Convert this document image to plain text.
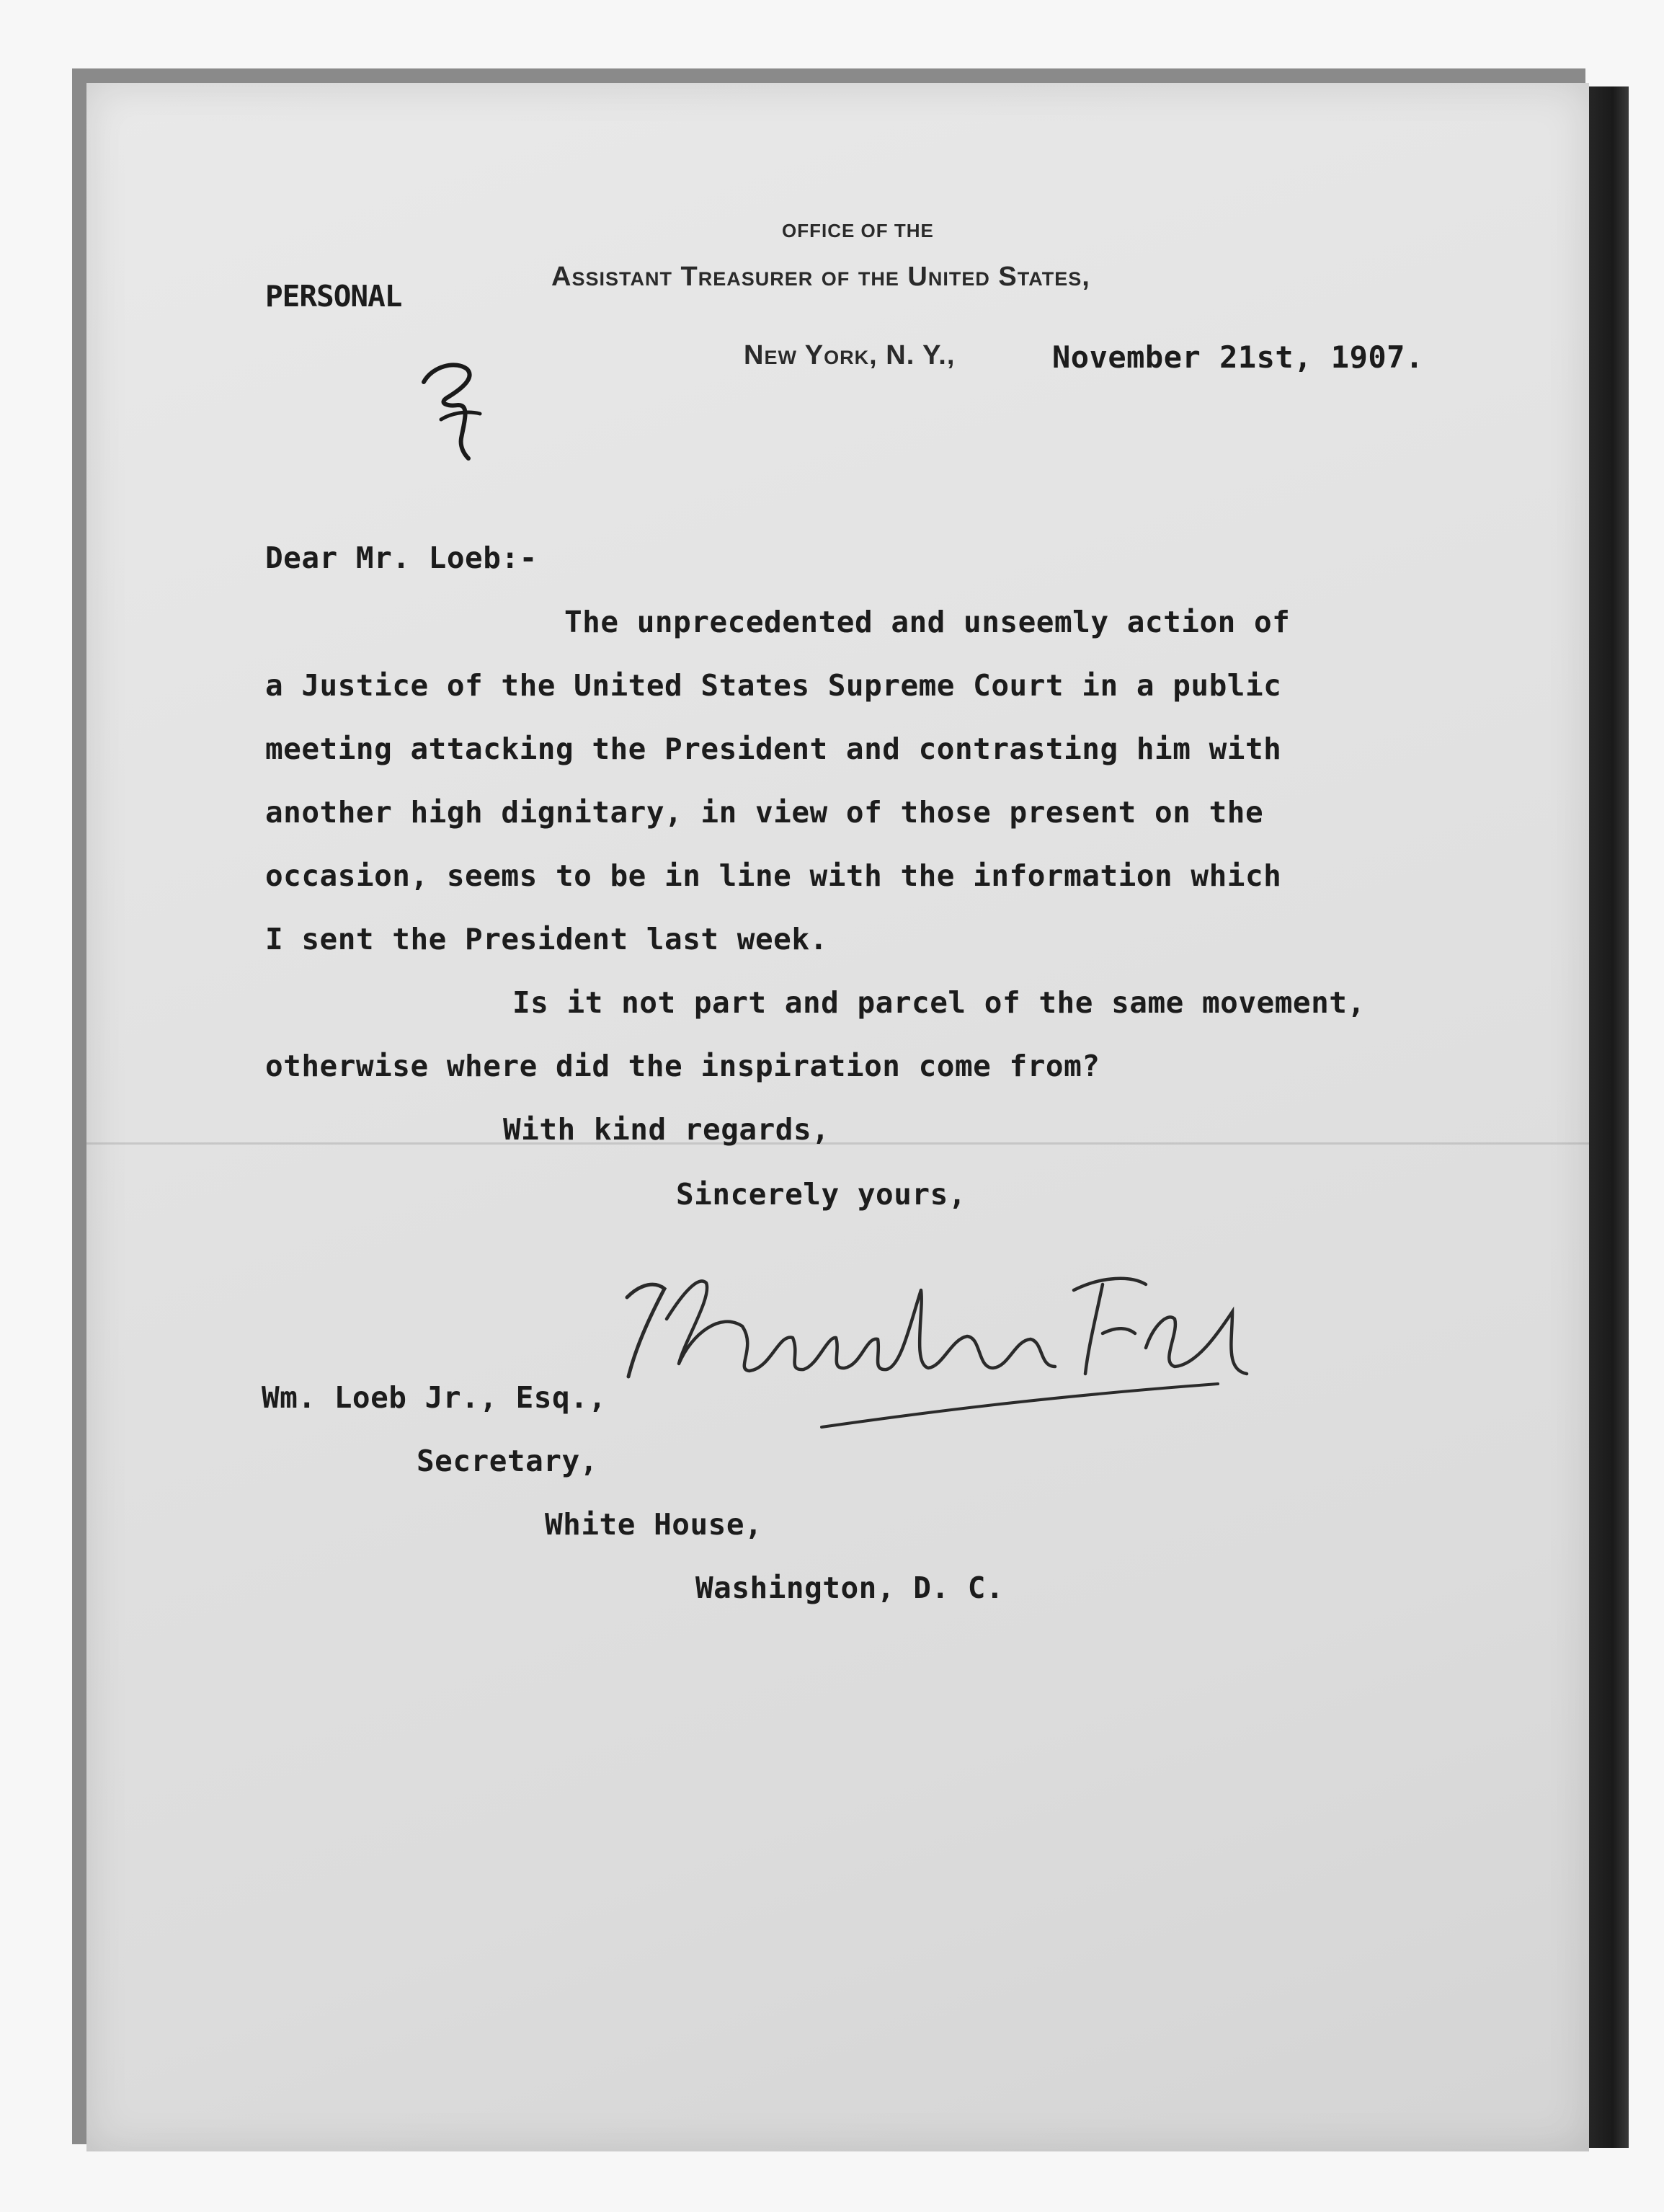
OFFICE OF THE
Assistant Treasurer of the United States,
New York, N. Y.,
PERSONAL
November 21st, 1907.
Dear Mr. Loeb:-
The unprecedented and unseemly action of
a Justice of the United States Supreme Court in a public
meeting attacking the President and contrasting him with
another high dignitary, in view of those present on the
occasion, seems to be in line with the information which
I sent the President last week.
Is it not part and parcel of the same movement,
otherwise where did the inspiration come from?
With kind regards,
Sincerely yours,
Wm. Loeb Jr., Esq.,
Secretary,
White House,
Washington, D. C.
